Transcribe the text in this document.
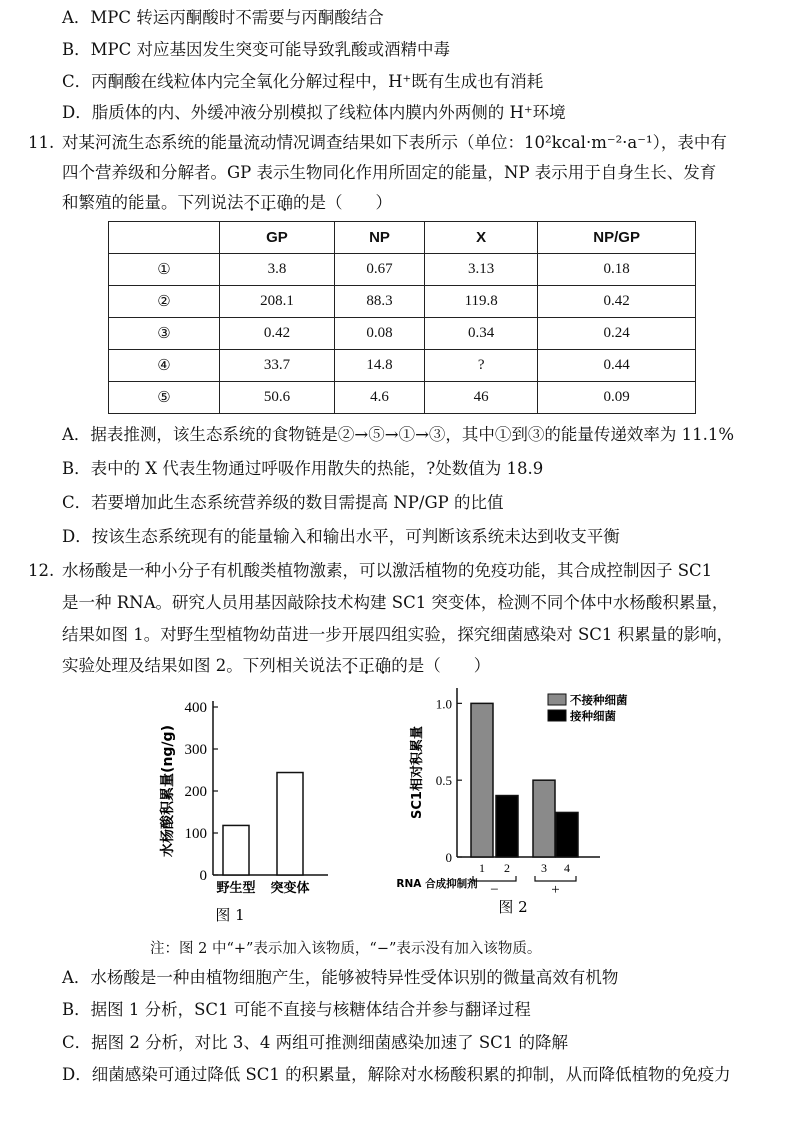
A．MPC 转运丙酮酸时不需要与丙酮酸结合
B．MPC 对应基因发生突变可能导致乳酸或酒精中毒
C．丙酮酸在线粒体内完全氧化分解过程中，H⁺既有生成也有消耗
D．脂质体的内、外缓冲液分别模拟了线粒体内膜内外两侧的 H⁺环境
11. 对某河流生态系统的能量流动情况调查结果如下表所示（单位：10²kcal·m⁻²·a⁻¹），表中有
四个营养级和分解者。GP 表示生物同化作用所固定的能量，NP 表示用于自身生长、发育
和繁殖的能量。下列说法不正确的是（　　）
	GP	NP	X	NP/GP
①	3.8	0.67	3.13	0.18
②	208.1	88.3	119.8	0.42
③	0.42	0.08	0.34	0.24
④	33.7	14.8	?	0.44
⑤	50.6	4.6	46	0.09
A．据表推测，该生态系统的食物链是②→⑤→①→③，其中①到③的能量传递效率为 11.1%
B．表中的 X 代表生物通过呼吸作用散失的热能，?处数值为 18.9
C．若要增加此生态系统营养级的数目需提高 NP/GP 的比值
D．按该生态系统现有的能量输入和输出水平，可判断该系统未达到收支平衡
12. 水杨酸是一种小分子有机酸类植物激素，可以激活植物的免疫功能，其合成控制因子 SC1
是一种 RNA。研究人员用基因敲除技术构建 SC1 突变体，检测不同个体中水杨酸积累量，
结果如图 1。对野生型植物幼苗进一步开展四组实验，探究细菌感染对 SC1 积累量的影响，
实验处理及结果如图 2。下列相关说法不正确的是（　　）
0
100
200
300
400
野生型 突变体
水杨酸积累量(ng/g)
图 1
0
0.5
1.0
1 2	3 4
−	+
RNA 合成抑制剂
SC1相对积累量
不接种细菌
接种细菌
图 2
注：图 2 中“+”表示加入该物质，“−”表示没有加入该物质。
A．水杨酸是一种由植物细胞产生，能够被特异性受体识别的微量高效有机物
B．据图 1 分析，SC1 可能不直接与核糖体结合并参与翻译过程
C．据图 2 分析，对比 3、4 两组可推测细菌感染加速了 SC1 的降解
D．细菌感染可通过降低 SC1 的积累量，解除对水杨酸积累的抑制，从而降低植物的免疫力
